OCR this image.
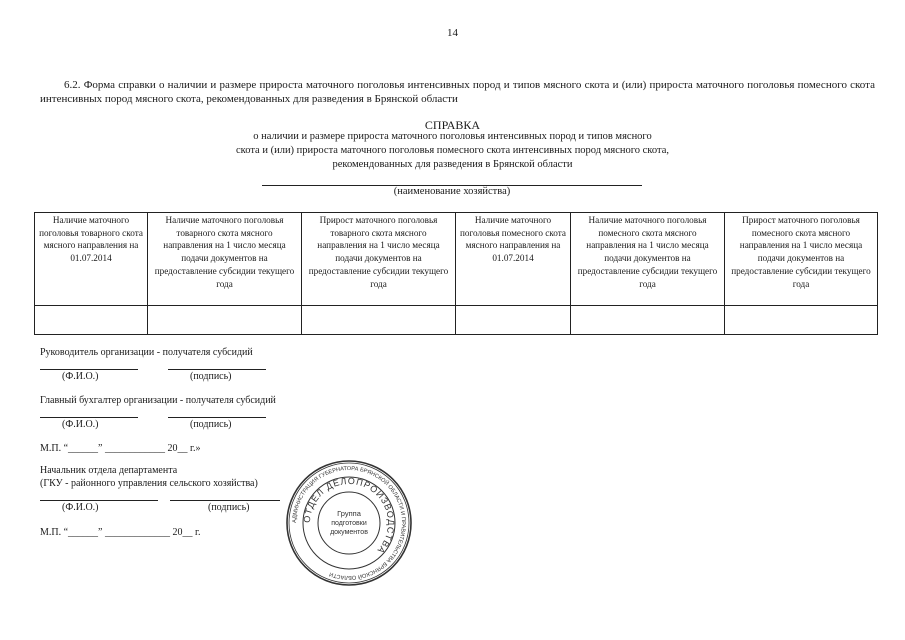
14
6.2. Форма справки о наличии и размере прироста маточного поголовья интенсивных пород и типов мясного скота и (или) прироста маточного поголовья помесного скота интенсивных пород мясного скота, рекомендованных для разведения в Брянской области
СПРАВКА
о наличии и размере прироста маточного поголовья интенсивных пород и типов мясного
скота и (или) прироста маточного поголовья помесного скота интенсивных пород мясного скота,
рекомендованных для разведения в Брянской области
(наименование хозяйства)
Наличие маточного поголовья товарного скота мясного направления на 01.07.2014	Наличие маточного поголовья товарного скота мясного направления на 1 число месяца подачи документов на предоставление субсидии текущего года	Прирост маточного поголовья товарного скота мясного направления на 1 число месяца подачи документов на предоставление субсидии текущего года	Наличие маточного поголовья помесного скота мясного направления на 01.07.2014	Наличие маточного поголовья помесного скота мясного направления на 1 число месяца подачи документов на предоставление субсидии текущего года	Прирост маточного поголовья помесного скота мясного направления на 1 число месяца подачи документов на предоставление субсидии текущего года

Руководитель организации - получателя субсидий
(Ф.И.О.)	(подпись)
Главный бухгалтер организации - получателя субсидий
(Ф.И.О.)	(подпись)
М.П. “______” ____________ 20__ г.»
Начальник отдела департамента
(ГКУ - районного управления сельского хозяйства)
(Ф.И.О.)	(подпись)
М.П. “______” _____________ 20__ г.
АДМИНИСТРАЦИЯ ГУБЕРНАТОРА БРЯНСКОЙ ОБЛАСТИ И ПРАВИТЕЛЬСТВА БРЯНСКОЙ ОБЛАСТИ
ОТДЕЛ ДЕЛОПРОИЗВОДСТВА
Группа
подготовки
документов
